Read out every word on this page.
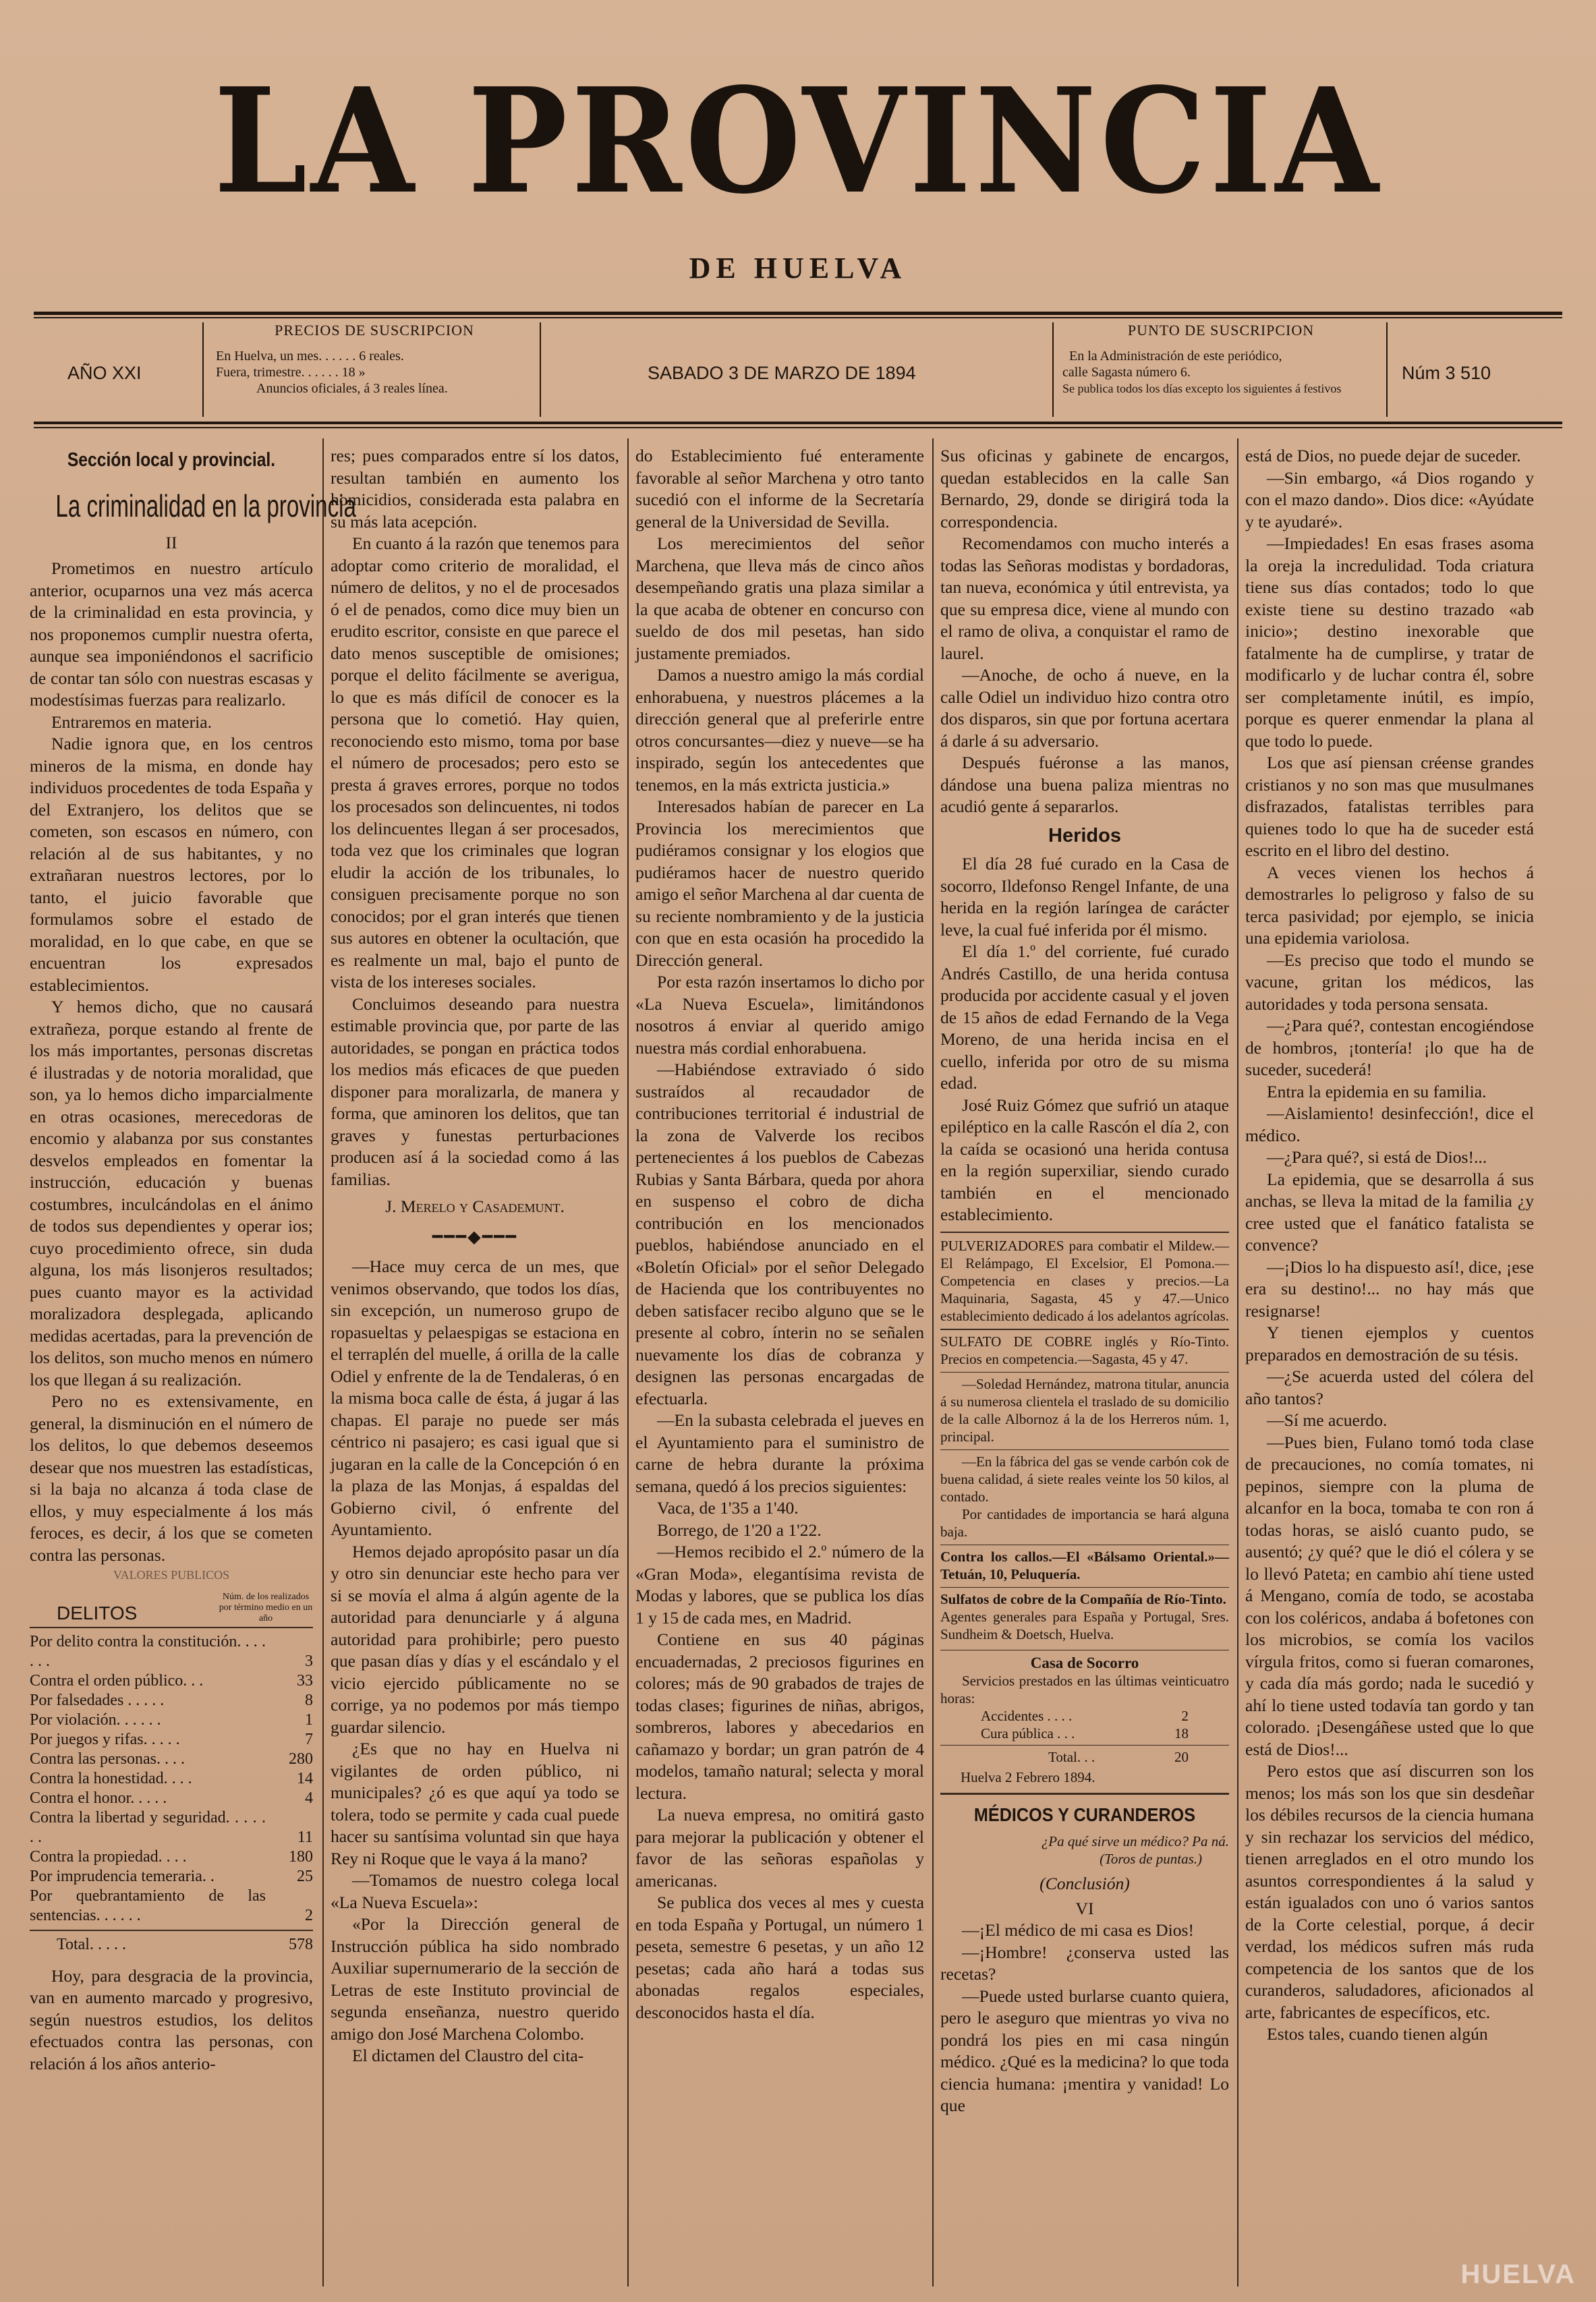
LA PROVINCIA
DE HUELVA
AÑO XXI
PRECIOS DE SUSCRIPCION
En Huelva, un mes. . . . . . 6 reales.
Fuera, trimestre. . . . . . 18 »
Anuncios oficiales, á 3 reales línea.
SABADO 3 DE MARZO DE 1894
PUNTO DE SUSCRIPCION
En la Administración de este periódico,
calle Sagasta número 6.
Se publica todos los días excepto los siguientes á festivos
Núm 3 510
Sección local y provincial.
La criminalidad en la provincia
II

Prometimos en nuestro artículo anterior, ocuparnos una vez más acerca de la criminalidad en esta provincia, y nos proponemos cumplir nuestra oferta, aunque sea imponiéndonos el sacrificio de contar tan sólo con nuestras escasas y modestísimas fuerzas para realizarlo.

Entraremos en materia.

Nadie ignora que, en los centros mineros de la misma, en donde hay individuos procedentes de toda España y del Extranjero, los delitos que se cometen, son escasos en número, con relación al de sus habitantes, y no extrañaran nuestros lectores, por lo tanto, el juicio favorable que formulamos sobre el estado de moralidad, en lo que cabe, en que se encuentran los expresados establecimientos.

Y hemos dicho, que no causará extrañeza, porque estando al frente de los más importantes, personas discretas é ilustradas y de notoria moralidad, que son, ya lo hemos dicho imparcialmente en otras ocasiones, merecedoras de encomio y alabanza por sus constantes desvelos empleados en fomentar la instrucción, educación y buenas costumbres, inculcándolas en el ánimo de todos sus dependientes y operar ios; cuyo procedimiento ofrece, sin duda alguna, los más lisonjeros resultados; pues cuanto mayor es la actividad moralizadora desplegada, aplicando medidas acertadas, para la prevención de los delitos, son mucho menos en número los que llegan á su realización.

Pero no es extensivamente, en general, la disminución en el número de los delitos, lo que debemos deseemos desear que nos muestren las estadísticas, si la baja no alcanza á toda clase de ellos, y muy especialmente á los más feroces, es decir, á los que se cometen contra las personas.

VALORES PUBLICOS
DELITOS
Núm. de los realizados por término medio en un año
Por delito contra la constitución. . . . . . .	3
Contra el orden público. . .	33
Por falsedades . . . . .	8
Por violación. . . . . .	1
Por juegos y rifas. . . . .	7
Contra las personas. . . .	280
Contra la honestidad. . . .	14
Contra el honor. . . . .	4
Contra la libertad y seguridad. . . . . . .	11
Contra la propiedad. . . .	180
Por imprudencia temeraria. .	25
Por quebrantamiento de las sentencias. . . . . .	2
Total. . . . .	578

Hoy, para desgracia de la provincia, van en aumento marcado y progresivo, según nuestros estudios, los delitos efectuados contra las personas, con relación á los años anterio-

res; pues comparados entre sí los datos, resultan también en aumento los homicidios, considerada esta palabra en su más lata acepción.

En cuanto á la razón que tenemos para adoptar como criterio de moralidad, el número de delitos, y no el de procesados ó el de penados, como dice muy bien un erudito escritor, consiste en que parece el dato menos susceptible de omisiones; porque el delito fácilmente se averigua, lo que es más difícil de conocer es la persona que lo cometió. Hay quien, reconociendo esto mismo, toma por base el número de procesados; pero esto se presta á graves errores, porque no todos los procesados son delincuentes, ni todos los delincuentes llegan á ser procesados, toda vez que los criminales que logran eludir la acción de los tribunales, lo consiguen precisamente porque no son conocidos; por el gran interés que tienen sus autores en obtener la ocultación, que es realmente un mal, bajo el punto de vista de los intereses sociales.

Concluimos deseando para nuestra estimable provincia que, por parte de las autoridades, se pongan en práctica todos los medios más eficaces de que pueden disponer para moralizarla, de manera y forma, que aminoren los delitos, que tan graves y funestas perturbaciones producen así á la sociedad como á las familias.

J. Merelo y Casademunt.
━━━◆━━━

—Hace muy cerca de un mes, que venimos observando, que todos los días, sin excepción, un numeroso grupo de ropasueltas y pelaespigas se estaciona en el terraplén del muelle, á orilla de la calle Odiel y enfrente de la de Tendaleras, ó en la misma boca calle de ésta, á jugar á las chapas. El paraje no puede ser más céntrico ni pasajero; es casi igual que si jugaran en la calle de la Concepción ó en la plaza de las Monjas, á espaldas del Gobierno civil, ó enfrente del Ayuntamiento.

Hemos dejado apropósito pasar un día y otro sin denunciar este hecho para ver si se movía el alma á algún agente de la autoridad para denunciarle y á alguna autoridad para prohibirle; pero puesto que pasan días y días y el escándalo y el vicio ejercido públicamente no se corrige, ya no podemos por más tiempo guardar silencio.

¿Es que no hay en Huelva ni vigilantes de orden público, ni municipales? ¿ó es que aquí ya todo se tolera, todo se permite y cada cual puede hacer su santísima voluntad sin que haya Rey ni Roque que le vaya á la mano?

—Tomamos de nuestro colega local «La Nueva Escuela»:

«Por la Dirección general de Instrucción pública ha sido nombrado Auxiliar supernumerario de la sección de Letras de este Instituto provincial de segunda enseñanza, nuestro querido amigo don José Marchena Colombo.

El dictamen del Claustro del cita-

do Establecimiento fué enteramente favorable al señor Marchena y otro tanto sucedió con el informe de la Secretaría general de la Universidad de Sevilla.

Los merecimientos del señor Marchena, que lleva más de cinco años desempeñando gratis una plaza similar a la que acaba de obtener en concurso con sueldo de dos mil pesetas, han sido justamente premiados.

Damos a nuestro amigo la más cordial enhorabuena, y nuestros plácemes a la dirección general que al preferirle entre otros concursantes—diez y nueve—se ha inspirado, según los antecedentes que tenemos, en la más extricta justicia.»

Interesados habían de parecer en La Provincia los merecimientos que pudiéramos consignar y los elogios que pudiéramos hacer de nuestro querido amigo el señor Marchena al dar cuenta de su reciente nombramiento y de la justicia con que en esta ocasión ha procedido la Dirección general.

Por esta razón insertamos lo dicho por «La Nueva Escuela», limitándonos nosotros á enviar al querido amigo nuestra más cordial enhorabuena.

—Habiéndose extraviado ó sido sustraídos al recaudador de contribuciones territorial é industrial de la zona de Valverde los recibos pertenecientes á los pueblos de Cabezas Rubias y Santa Bárbara, queda por ahora en suspenso el cobro de dicha contribución en los mencionados pueblos, habiéndose anunciado en el «Boletín Oficial» por el señor Delegado de Hacienda que los contribuyentes no deben satisfacer recibo alguno que se le presente al cobro, ínterin no se señalen nuevamente los días de cobranza y designen las personas encargadas de efectuarla.

—En la subasta celebrada el jueves en el Ayuntamiento para el suministro de carne de hebra durante la próxima semana, quedó á los precios siguientes:

Vaca, de 1'35 a 1'40.

Borrego, de 1'20 a 1'22.

—Hemos recibido el 2.º número de la «Gran Moda», elegantísima revista de Modas y labores, que se publica los días 1 y 15 de cada mes, en Madrid.

Contiene en sus 40 páginas encuadernadas, 2 preciosos figurines en colores; más de 90 grabados de trajes de todas clases; figurines de niñas, abrigos, sombreros, labores y abecedarios en cañamazo y bordar; un gran patrón de 4 modelos, tamaño natural; selecta y moral lectura.

La nueva empresa, no omitirá gasto para mejorar la publicación y obtener el favor de las señoras españolas y americanas.

Se publica dos veces al mes y cuesta en toda España y Portugal, un número 1 peseta, semestre 6 pesetas, y un año 12 pesetas; cada año hará a todas sus abonadas regalos especiales, desconocidos hasta el día.

Sus oficinas y gabinete de encargos, quedan establecidos en la calle San Bernardo, 29, donde se dirigirá toda la correspondencia.

Recomendamos con mucho interés a todas las Señoras modistas y bordadoras, tan nueva, económica y útil entrevista, ya que su empresa dice, viene al mundo con el ramo de oliva, a conquistar el ramo de laurel.

—Anoche, de ocho á nueve, en la calle Odiel un individuo hizo contra otro dos disparos, sin que por fortuna acertara á darle á su adversario.

Después fuéronse a las manos, dándose una buena paliza mientras no acudió gente á separarlos.

Heridos

El día 28 fué curado en la Casa de socorro, Ildefonso Rengel Infante, de una herida en la región laríngea de carácter leve, la cual fué inferida por él mismo.

El día 1.º del corriente, fué curado Andrés Castillo, de una herida contusa producida por accidente casual y el joven de 15 años de edad Fernando de la Vega Moreno, de una herida incisa en el cuello, inferida por otro de su misma edad.

José Ruiz Gómez que sufrió un ataque epiléptico en la calle Rascón el día 2, con la caída se ocasionó una herida contusa en la región superxiliar, siendo curado también en el mencionado establecimiento.

PULVERIZADORES para combatir el Mildew.—El Relámpago, El Excelsior, El Pomona.—Competencia en clases y precios.—La Maquinaria, Sagasta, 45 y 47.—Unico establecimiento dedicado á los adelantos agrícolas.

SULFATO DE COBRE inglés y Río-Tinto. Precios en competencia.—Sagasta, 45 y 47.

—Soledad Hernández, matrona titular, anuncia á su numerosa clientela el traslado de su domicilio de la calle Albornoz á la de los Herreros núm. 1, principal.

—En la fábrica del gas se vende carbón cok de buena calidad, á siete reales veinte los 50 kilos, al contado.

Por cantidades de importancia se hará alguna baja.

Contra los callos.—El «Bálsamo Oriental.»—Tetuán, 10, Peluquería.

Sulfatos de cobre de la Compañía de Río-Tinto.

Agentes generales para España y Portugal, Sres. Sundheim & Doetsch, Huelva.

Casa de Socorro

Servicios prestados en las últimas veinticuatro horas:

Accidentes . . . .	2
Cura pública . . .	18
Total. . .	20
Huelva 2 Febrero 1894.
MÉDICOS Y CURANDEROS
¿Pa qué sirve un médico? Pa ná.
(Toros de puntas.)
(Conclusión)
VI

—¡El médico de mi casa es Dios!

—¡Hombre! ¿conserva usted las recetas?

—Puede usted burlarse cuanto quiera, pero le aseguro que mientras yo viva no pondrá los pies en mi casa ningún médico. ¿Qué es la medicina? lo que toda ciencia humana: ¡mentira y vanidad! Lo que

está de Dios, no puede dejar de suceder.

—Sin embargo, «á Dios rogando y con el mazo dando». Dios dice: «Ayúdate y te ayudaré».

—Impiedades! En esas frases asoma la oreja la incredulidad. Toda criatura tiene sus días contados; todo lo que existe tiene su destino trazado «ab inicio»; destino inexorable que fatalmente ha de cumplirse, y tratar de modificarlo y de luchar contra él, sobre ser completamente inútil, es impío, porque es querer enmendar la plana al que todo lo puede.

Los que así piensan créense grandes cristianos y no son mas que musulmanes disfrazados, fatalistas terribles para quienes todo lo que ha de suceder está escrito en el libro del destino.

A veces vienen los hechos á demostrarles lo peligroso y falso de su terca pasividad; por ejemplo, se inicia una epidemia variolosa.

—Es preciso que todo el mundo se vacune, gritan los médicos, las autoridades y toda persona sensata.

—¿Para qué?, contestan encogiéndose de hombros, ¡tontería! ¡lo que ha de suceder, sucederá!

Entra la epidemia en su familia.

—Aislamiento! desinfección!, dice el médico.

—¿Para qué?, si está de Dios!...

La epidemia, que se desarrolla á sus anchas, se lleva la mitad de la familia ¿y cree usted que el fanático fatalista se convence?

—¡Dios lo ha dispuesto así!, dice, ¡ese era su destino!... no hay más que resignarse!

Y tienen ejemplos y cuentos preparados en demostración de su tésis.

—¿Se acuerda usted del cólera del año tantos?

—Sí me acuerdo.

—Pues bien, Fulano tomó toda clase de precauciones, no comía tomates, ni pepinos, siempre con la pluma de alcanfor en la boca, tomaba te con ron á todas horas, se aisló cuanto pudo, se ausentó; ¿y qué? que le dió el cólera y se lo llevó Pateta; en cambio ahí tiene usted á Mengano, comía de todo, se acostaba con los coléricos, andaba á bofetones con los microbios, se comía los vacilos vírgula fritos, como si fueran comarones, y cada día más gordo; nada le sucedió y ahí lo tiene usted todavía tan gordo y tan colorado. ¡Desengáñese usted que lo que está de Dios!...

Pero estos que así discurren son los menos; los más son los que sin desdeñar los débiles recursos de la ciencia humana y sin rechazar los servicios del médico, tienen arreglados en el otro mundo los asuntos correspondientes á la salud y están igualados con uno ó varios santos de la Corte celestial, porque, á decir verdad, los médicos sufren más ruda competencia de los santos que de los curanderos, saludadores, aficionados al arte, fabricantes de específicos, etc.

Estos tales, cuando tienen algún

HUELVA
